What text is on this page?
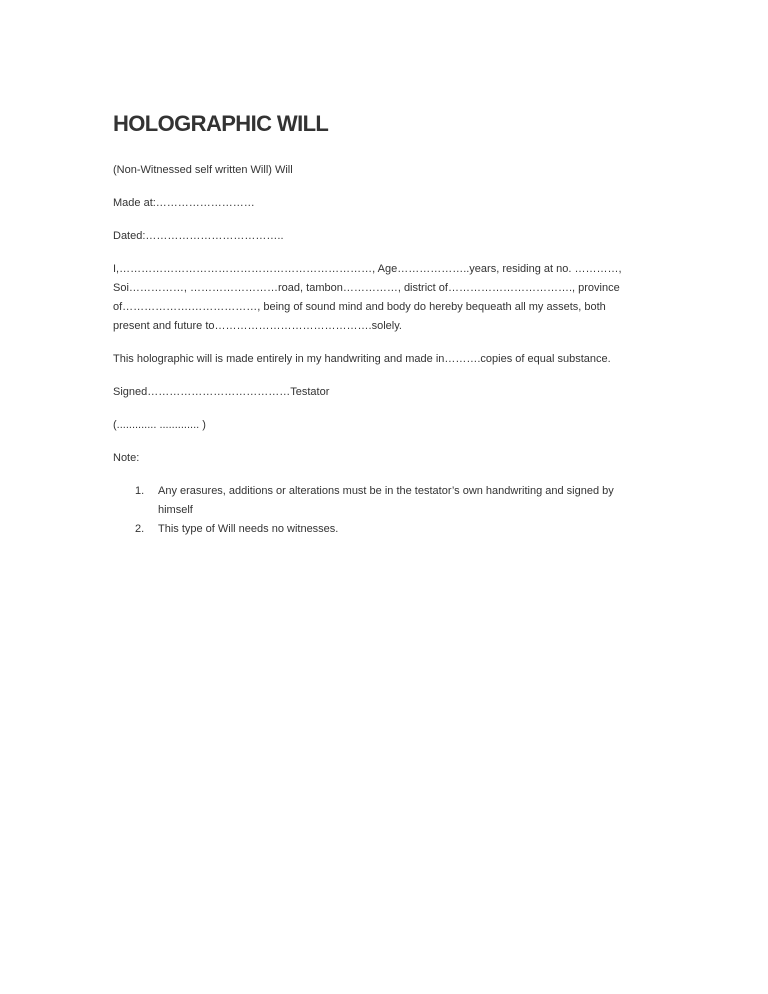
HOLOGRAPHIC WILL

(Non-Witnessed self written Will) Will

Made at:………………………

Dated:………………………………..

I,……………………………………………………………, Age………………..years, residing at no. …………, Soi……………, ……………………road, tambon……………, district of……………………………., province of……………….………………, being of sound mind and body do hereby bequeath all my assets, both present and future to…………………………………….solely.

This holographic will is made entirely in my handwriting and made in……….copies of equal substance.

Signed…………………………………Testator

(............. ............. )

Note:

1.	Any erasures, additions or alterations must be in the testator’s own handwriting and signed by himself
2.	This type of Will needs no witnesses.
